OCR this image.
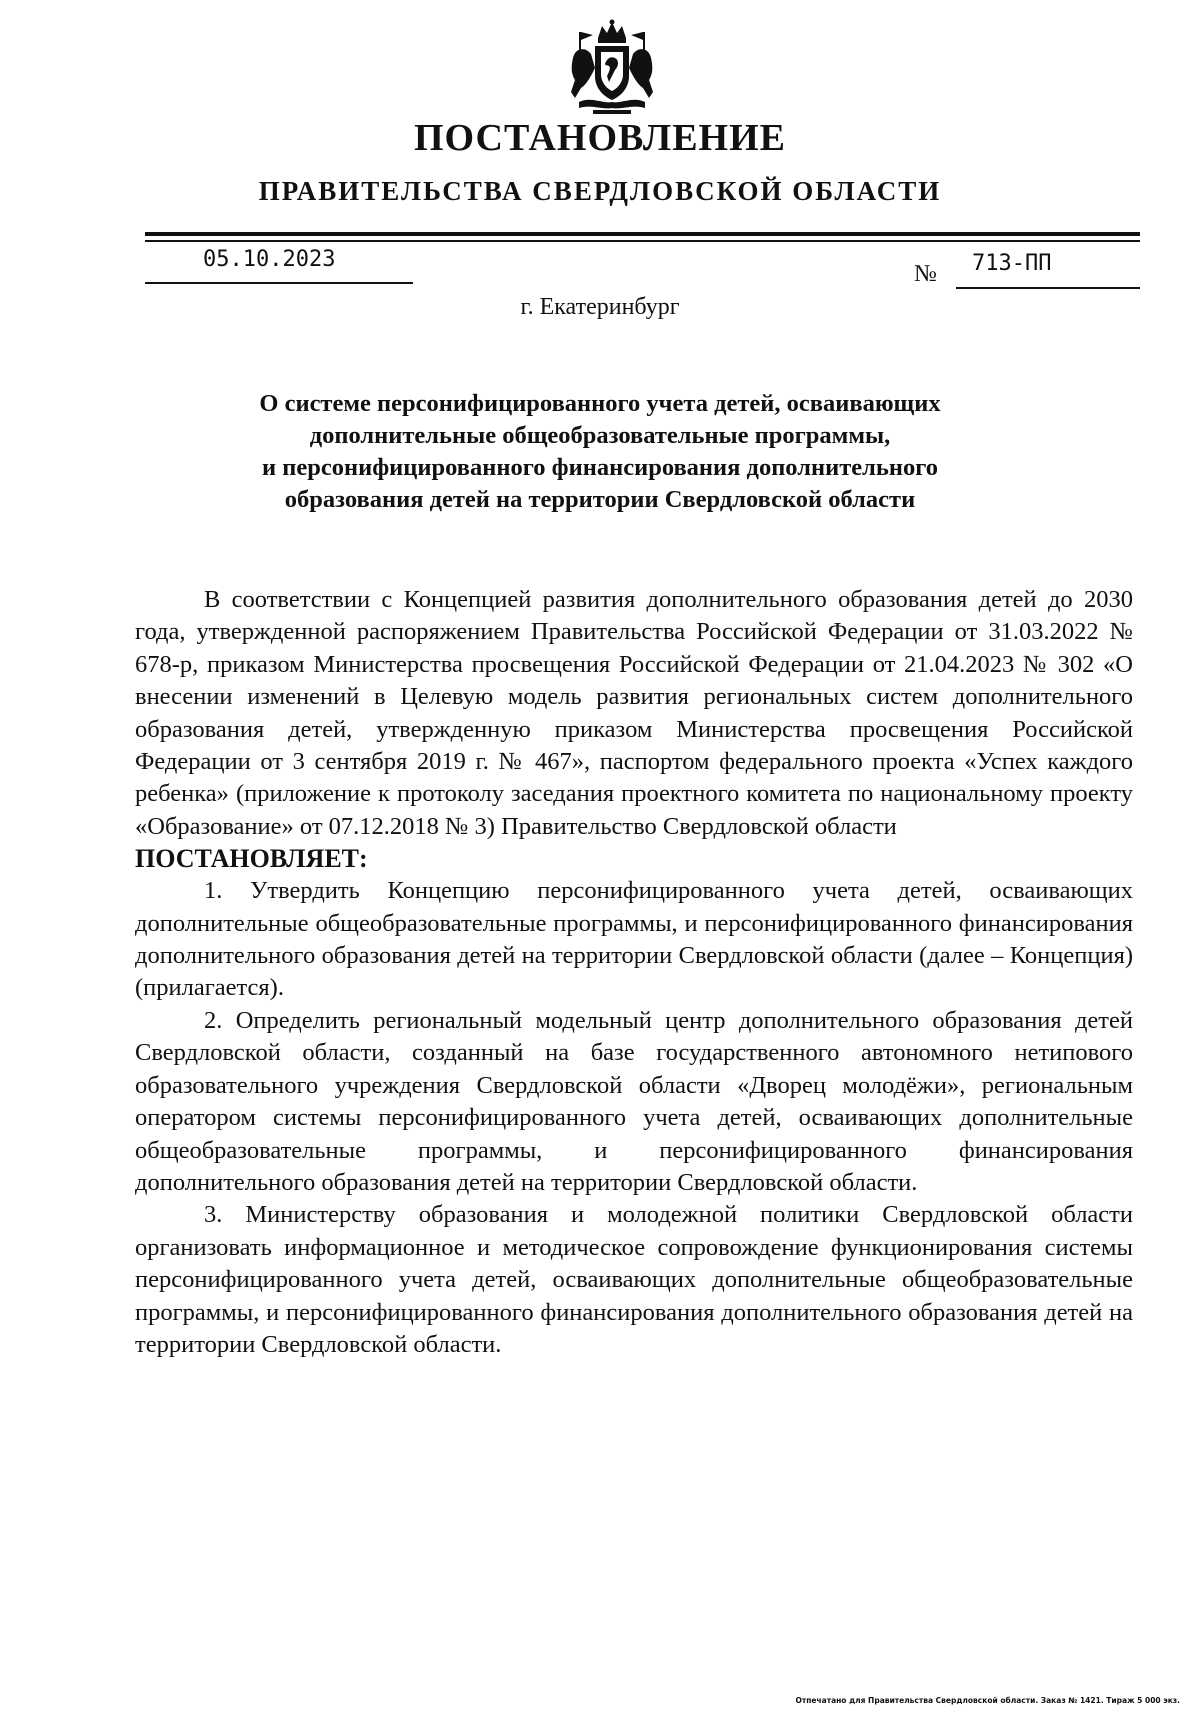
ПОСТАНОВЛЕНИЕ
ПРАВИТЕЛЬСТВА СВЕРДЛОВСКОЙ ОБЛАСТИ
05.10.2023
№ 713-ПП
г. Екатеринбург
О системе персонифицированного учета детей, осваивающих
дополнительные общеобразовательные программы,
и персонифицированного финансирования дополнительного
образования детей на территории Свердловской области

В соответствии с Концепцией развития дополнительного образования детей до 2030 года, утвержденной распоряжением Правительства Российской Федерации от 31.03.2022 № 678-р, приказом Министерства просвещения Российской Федерации от 21.04.2023 № 302 «О внесении изменений в Целевую модель развития региональных систем дополнительного образования детей, утвержденную приказом Министерства просвещения Российской Федерации от 3 сентября 2019 г. № 467», паспортом федерального проекта «Успех каждого ребенка» (приложение к протоколу заседания проектного комитета по национальному проекту «Образование» от 07.12.2018 № 3) Правительство Свердловской области

ПОСТАНОВЛЯЕТ:

1. Утвердить Концепцию персонифицированного учета детей, осваивающих дополнительные общеобразовательные программы, и персонифицированного финансирования дополнительного образования детей на территории Свердловской области (далее – Концепция) (прилагается).

2. Определить региональный модельный центр дополнительного образования детей Свердловской области, созданный на базе государственного автономного нетипового образовательного учреждения Свердловской области «Дворец молодёжи», региональным оператором системы персонифицированного учета детей, осваивающих дополнительные общеобразовательные программы, и персонифицированного финансирования дополнительного образования детей на территории Свердловской области.

3. Министерству образования и молодежной политики Свердловской области организовать информационное и методическое сопровождение функционирования системы персонифицированного учета детей, осваивающих дополнительные общеобразовательные программы, и персонифицированного финансирования дополнительного образования детей на территории Свердловской области.

Отпечатано для Правительства Свердловской области. Заказ № 1421. Тираж 5 000 экз.
